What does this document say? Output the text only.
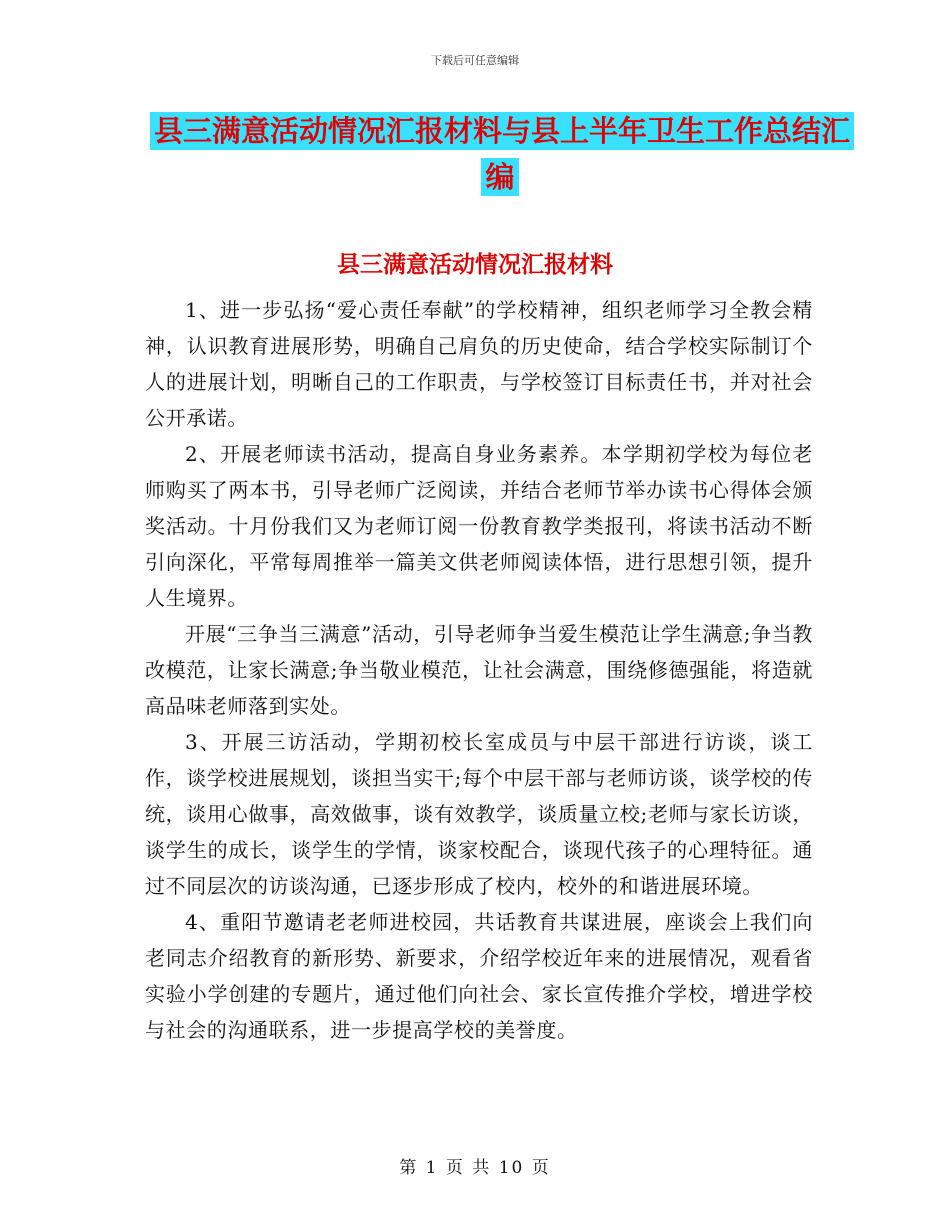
下载后可任意编辑
县三满意活动情况汇报材料与县上半年卫生工作总结汇编
县三满意活动情况汇报材料

1、进一步弘扬“爱心责任奉献”的学校精神，组织老师学习全教会精神，认识教育进展形势，明确自己肩负的历史使命，结合学校实际制订个人的进展计划，明晰自己的工作职责，与学校签订目标责任书，并对社会公开承诺。

2、开展老师读书活动，提高自身业务素养。本学期初学校为每位老师购买了两本书，引导老师广泛阅读，并结合老师节举办读书心得体会颁奖活动。十月份我们又为老师订阅一份教育教学类报刊，将读书活动不断引向深化，平常每周推举一篇美文供老师阅读体悟，进行思想引领，提升人生境界。

开展“三争当三满意”活动，引导老师争当爱生模范让学生满意;争当教改模范，让家长满意;争当敬业模范，让社会满意，围绕修德强能，将造就高品味老师落到实处。

3、开展三访活动，学期初校长室成员与中层干部进行访谈，谈工作，谈学校进展规划，谈担当实干;每个中层干部与老师访谈，谈学校的传统，谈用心做事，高效做事，谈有效教学，谈质量立校;老师与家长访谈，谈学生的成长，谈学生的学情，谈家校配合，谈现代孩子的心理特征。通过不同层次的访谈沟通，已逐步形成了校内，校外的和谐进展环境。

4、重阳节邀请老老师进校园，共话教育共谋进展，座谈会上我们向老同志介绍教育的新形势、新要求，介绍学校近年来的进展情况，观看省实验小学创建的专题片，通过他们向社会、家长宣传推介学校，增进学校与社会的沟通联系，进一步提高学校的美誉度。

第 1 页 共 10 页
